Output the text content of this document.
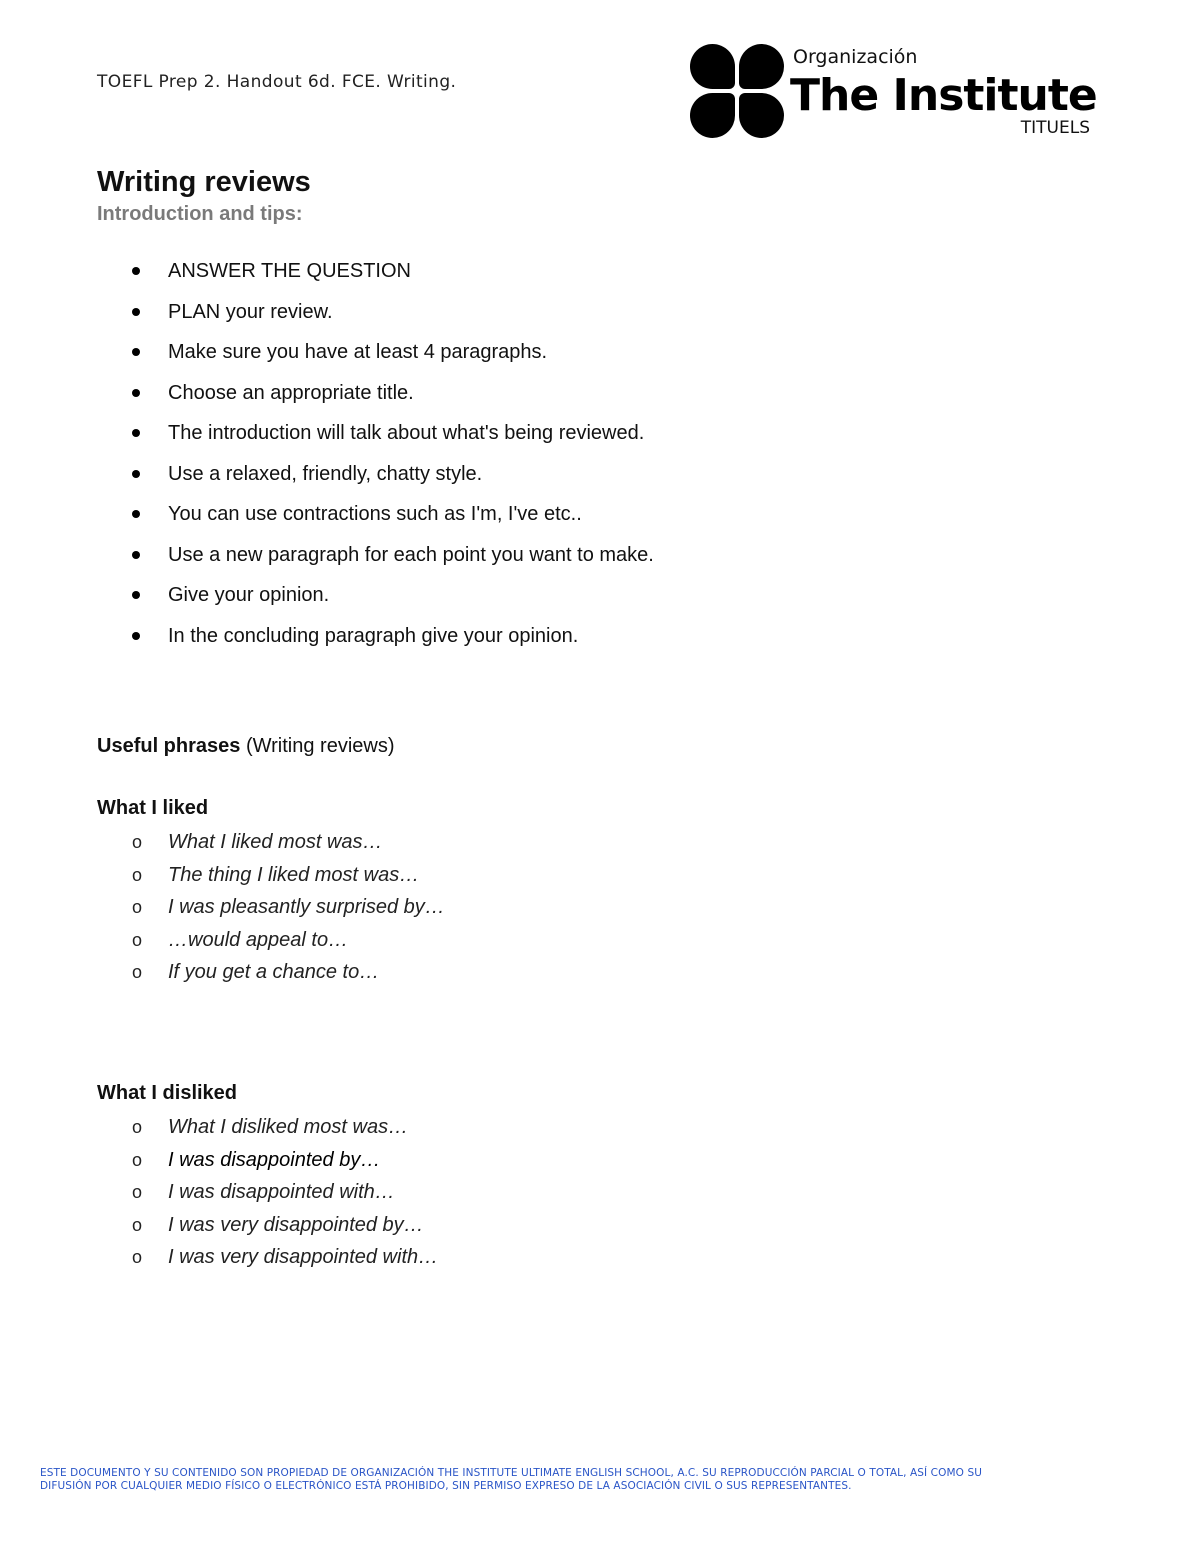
TOEFL Prep 2. Handout 6d. FCE. Writing.
Organización
The Institute
TITUELS
Writing reviews
Introduction and tips:
ANSWER THE QUESTION
PLAN your review.
Make sure you have at least 4 paragraphs.
Choose an appropriate title.
The introduction will talk about what's being reviewed.
Use a relaxed, friendly, chatty style.
You can use contractions such as I'm, I've etc..
Use a new paragraph for each point you want to make.
Give your opinion.
In the concluding paragraph give your opinion.
Useful phrases (Writing reviews)
What I liked
o What I liked most was…
o The thing I liked most was…
o I was pleasantly surprised by…
o …would appeal to…
o If you get a chance to…
What I disliked
o What I disliked most was…
o I was disappointed by…
o I was disappointed with…
o I was very disappointed by…
o I was very disappointed with…
ESTE DOCUMENTO Y SU CONTENIDO SON PROPIEDAD DE ORGANIZACIÓN THE INSTITUTE ULTIMATE ENGLISH SCHOOL, A.C. SU REPRODUCCIÓN PARCIAL O TOTAL, ASÍ COMO SU
DIFUSIÓN POR CUALQUIER MEDIO FÍSICO O ELECTRÓNICO ESTÁ PROHIBIDO, SIN PERMISO EXPRESO DE LA ASOCIACIÓN CIVIL O SUS REPRESENTANTES.
